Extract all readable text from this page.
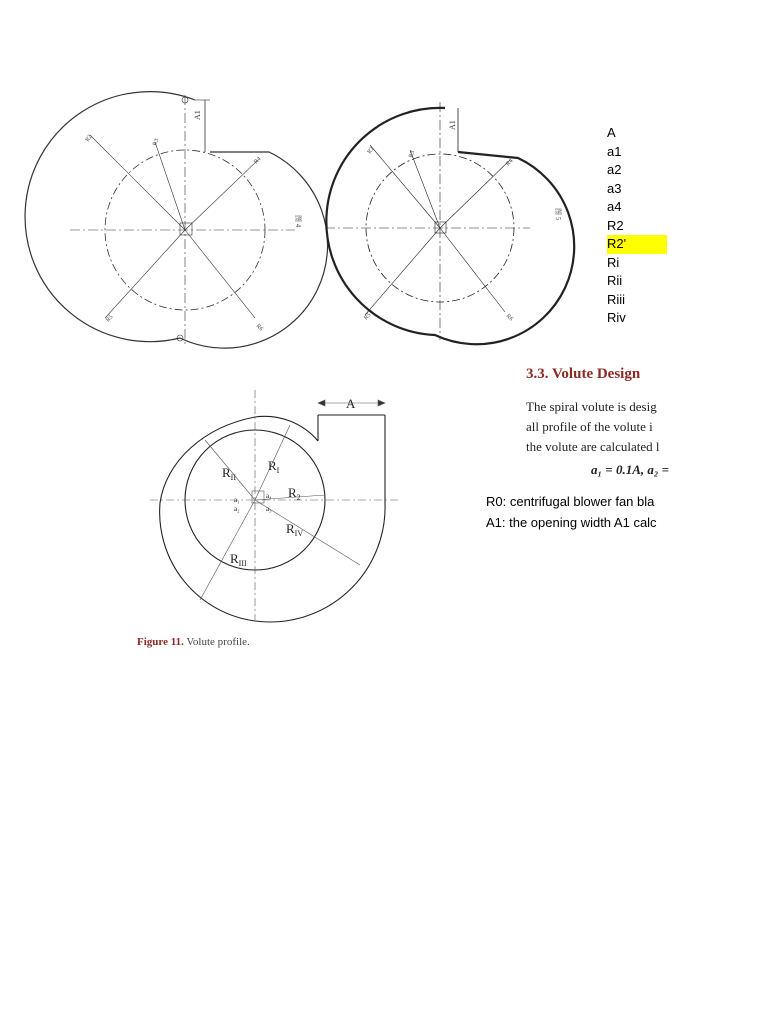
图 4
A1
图 5
A1
R2	R3
R4
R5
R6
R2	R3
R4
R5	R6
A
a1
a2
a3
a4
R2
R2'
Ri
Rii
Riii
Riv
A
$R_I$
$R_{II}$
$R_2$
$R_{IV}$
$R_{III}$
a₁
a₂	a₃
a₄
Figure 11. Volute profile.
3.3. Volute Design
The spiral volute is desig
all profile of the volute i
the volute are calculated l
a₁ = 0.1A, a₂ =
R0: centrifugal blower fan bla
A1: the opening width A1 calc
